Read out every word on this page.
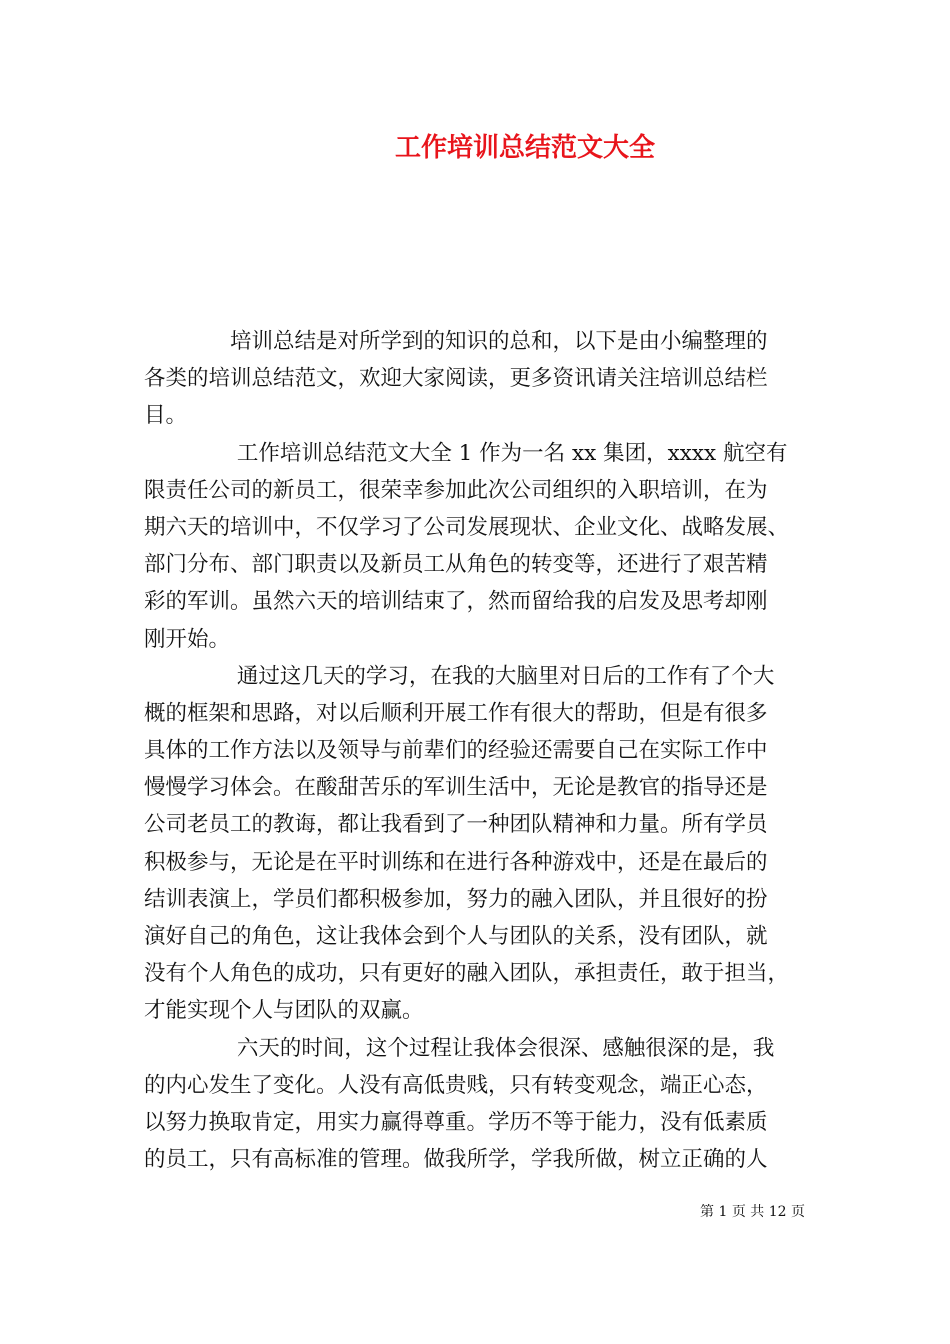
工作培训总结范文大全
　　　　培训总结是对所学到的知识的总和，以下是由小编整理的
各类的培训总结范文，欢迎大家阅读，更多资讯请关注培训总结栏
目。
　　　　 工作培训总结范文大全 1 作为一名 xx 集团，xxxx 航空有
限责任公司的新员工，很荣幸参加此次公司组织的入职培训，在为
期六天的培训中，不仅学习了公司发展现状、企业文化、战略发展、
部门分布、部门职责以及新员工从角色的转变等，还进行了艰苦精
彩的军训。虽然六天的培训结束了，然而留给我的启发及思考却刚
刚开始。
　　　　 通过这几天的学习，在我的大脑里对日后的工作有了个大
概的框架和思路，对以后顺利开展工作有很大的帮助，但是有很多
具体的工作方法以及领导与前辈们的经验还需要自己在实际工作中
慢慢学习体会。在酸甜苦乐的军训生活中，无论是教官的指导还是
公司老员工的教诲，都让我看到了一种团队精神和力量。所有学员
积极参与，无论是在平时训练和在进行各种游戏中，还是在最后的
结训表演上，学员们都积极参加，努力的融入团队，并且很好的扮
演好自己的角色，这让我体会到个人与团队的关系，没有团队，就
没有个人角色的成功，只有更好的融入团队，承担责任，敢于担当，
才能实现个人与团队的双赢。
　　　　 六天的时间，这个过程让我体会很深、感触很深的是，我
的内心发生了变化。人没有高低贵贱，只有转变观念，端正心态，
以努力换取肯定，用实力赢得尊重。学历不等于能力，没有低素质
的员工，只有高标准的管理。做我所学，学我所做，树立正确的人
第 1 页 共 12 页
